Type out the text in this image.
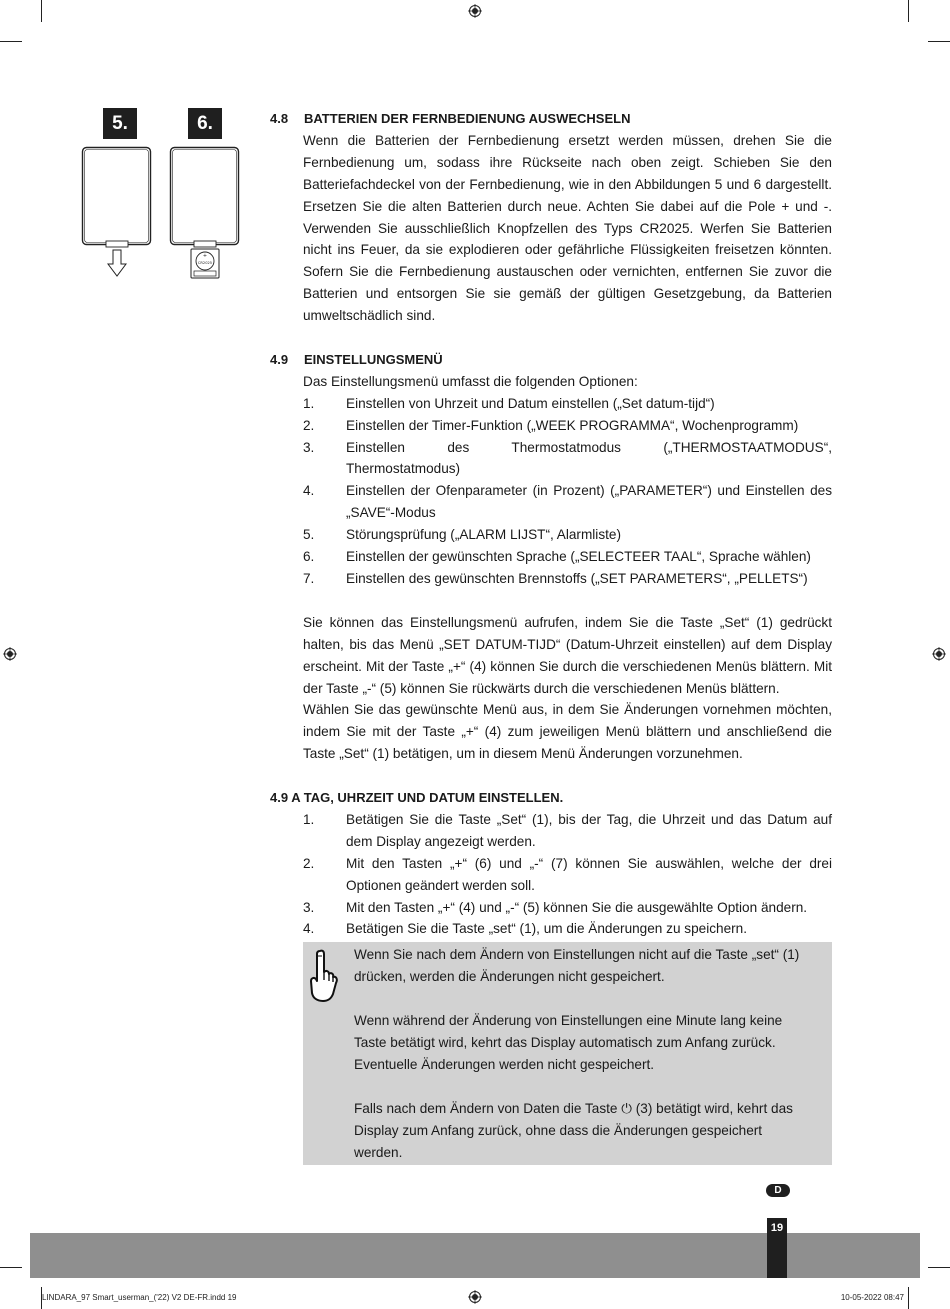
5.	6.
+
CR2025
4.8	BATTERIEN DER FERNBEDIENUNG AUSWECHSELN
Wenn die Batterien der Fernbedienung ersetzt werden müssen, drehen Sie die Fernbedienung um, sodass ihre Rückseite nach oben zeigt. Schieben Sie den Batteriefachdeckel von der Fernbedienung, wie in den Abbildungen 5 und 6 dargestellt. Ersetzen Sie die alten Batterien durch neue. Achten Sie dabei auf die Pole + und -. Verwenden Sie ausschließlich Knopfzellen des Typs CR2025. Werfen Sie Batterien nicht ins Feuer, da sie explodieren oder gefährliche Flüssigkeiten freisetzen könnten. Sofern Sie die Fernbedienung austauschen oder vernichten, entfernen Sie zuvor die Batterien und entsorgen Sie sie gemäß der gültigen Gesetzgebung, da Batterien umweltschädlich sind.
4.9	EINSTELLUNGSMENÜ
Das Einstellungsmenü umfasst die folgenden Optionen:
1.	Einstellen von Uhrzeit und Datum einstellen („Set datum-tijd“)
2.	Einstellen der Timer-Funktion („WEEK PROGRAMMA“, Wochenprogramm)
3.	Einstellen des Thermostatmodus („THERMOSTAATMODUS“, Thermostatmodus)
4.	Einstellen der Ofenparameter (in Prozent) („PARAMETER“) und Einstellen des „SAVE“-Modus
5.	Störungsprüfung („ALARM LIJST“, Alarmliste)
6.	Einstellen der gewünschten Sprache („SELECTEER TAAL“, Sprache wählen)
7.	Einstellen des gewünschten Brennstoffs („SET PARAMETERS“, „PELLETS“)
Sie können das Einstellungsmenü aufrufen, indem Sie die Taste „Set“ (1) gedrückt halten, bis das Menü „SET DATUM-TIJD“ (Datum-Uhrzeit einstellen) auf dem Display erscheint. Mit der Taste „+“ (4) können Sie durch die verschiedenen Menüs blättern. Mit der Taste „-“ (5) können Sie rückwärts durch die verschiedenen Menüs blättern.
Wählen Sie das gewünschte Menü aus, in dem Sie Änderungen vornehmen möchten, indem Sie mit der Taste „+“ (4) zum jeweiligen Menü blättern und anschließend die Taste „Set“ (1) betätigen, um in diesem Menü Änderungen vorzunehmen.
4.9 A TAG, UHRZEIT UND DATUM EINSTELLEN.
1.	Betätigen Sie die Taste „Set“ (1), bis der Tag, die Uhrzeit und das Datum auf dem Display angezeigt werden.
2.	Mit den Tasten „+“ (6) und „-“ (7) können Sie auswählen, welche der drei Optionen geändert werden soll.
3.	Mit den Tasten „+“ (4) und „-“ (5) können Sie die ausgewählte Option ändern.
4.	Betätigen Sie die Taste „set“ (1), um die Änderungen zu speichern.

Wenn Sie nach dem Ändern von Einstellungen nicht auf die Taste „set“ (1) drücken, werden die Änderungen nicht gespeichert.

Wenn während der Änderung von Einstellungen eine Minute lang keine Taste betätigt wird, kehrt das Display automatisch zum Anfang zurück. Eventuelle Änderungen werden nicht gespeichert.

Falls nach dem Ändern von Daten die Taste ⏻ (3) betätigt wird, kehrt das Display zum Anfang zurück, ohne dass die Änderungen gespeichert werden.

D
19
LINDARA_97 Smart_userman_('22) V2 DE-FR.indd 19	10-05-2022 08:47
